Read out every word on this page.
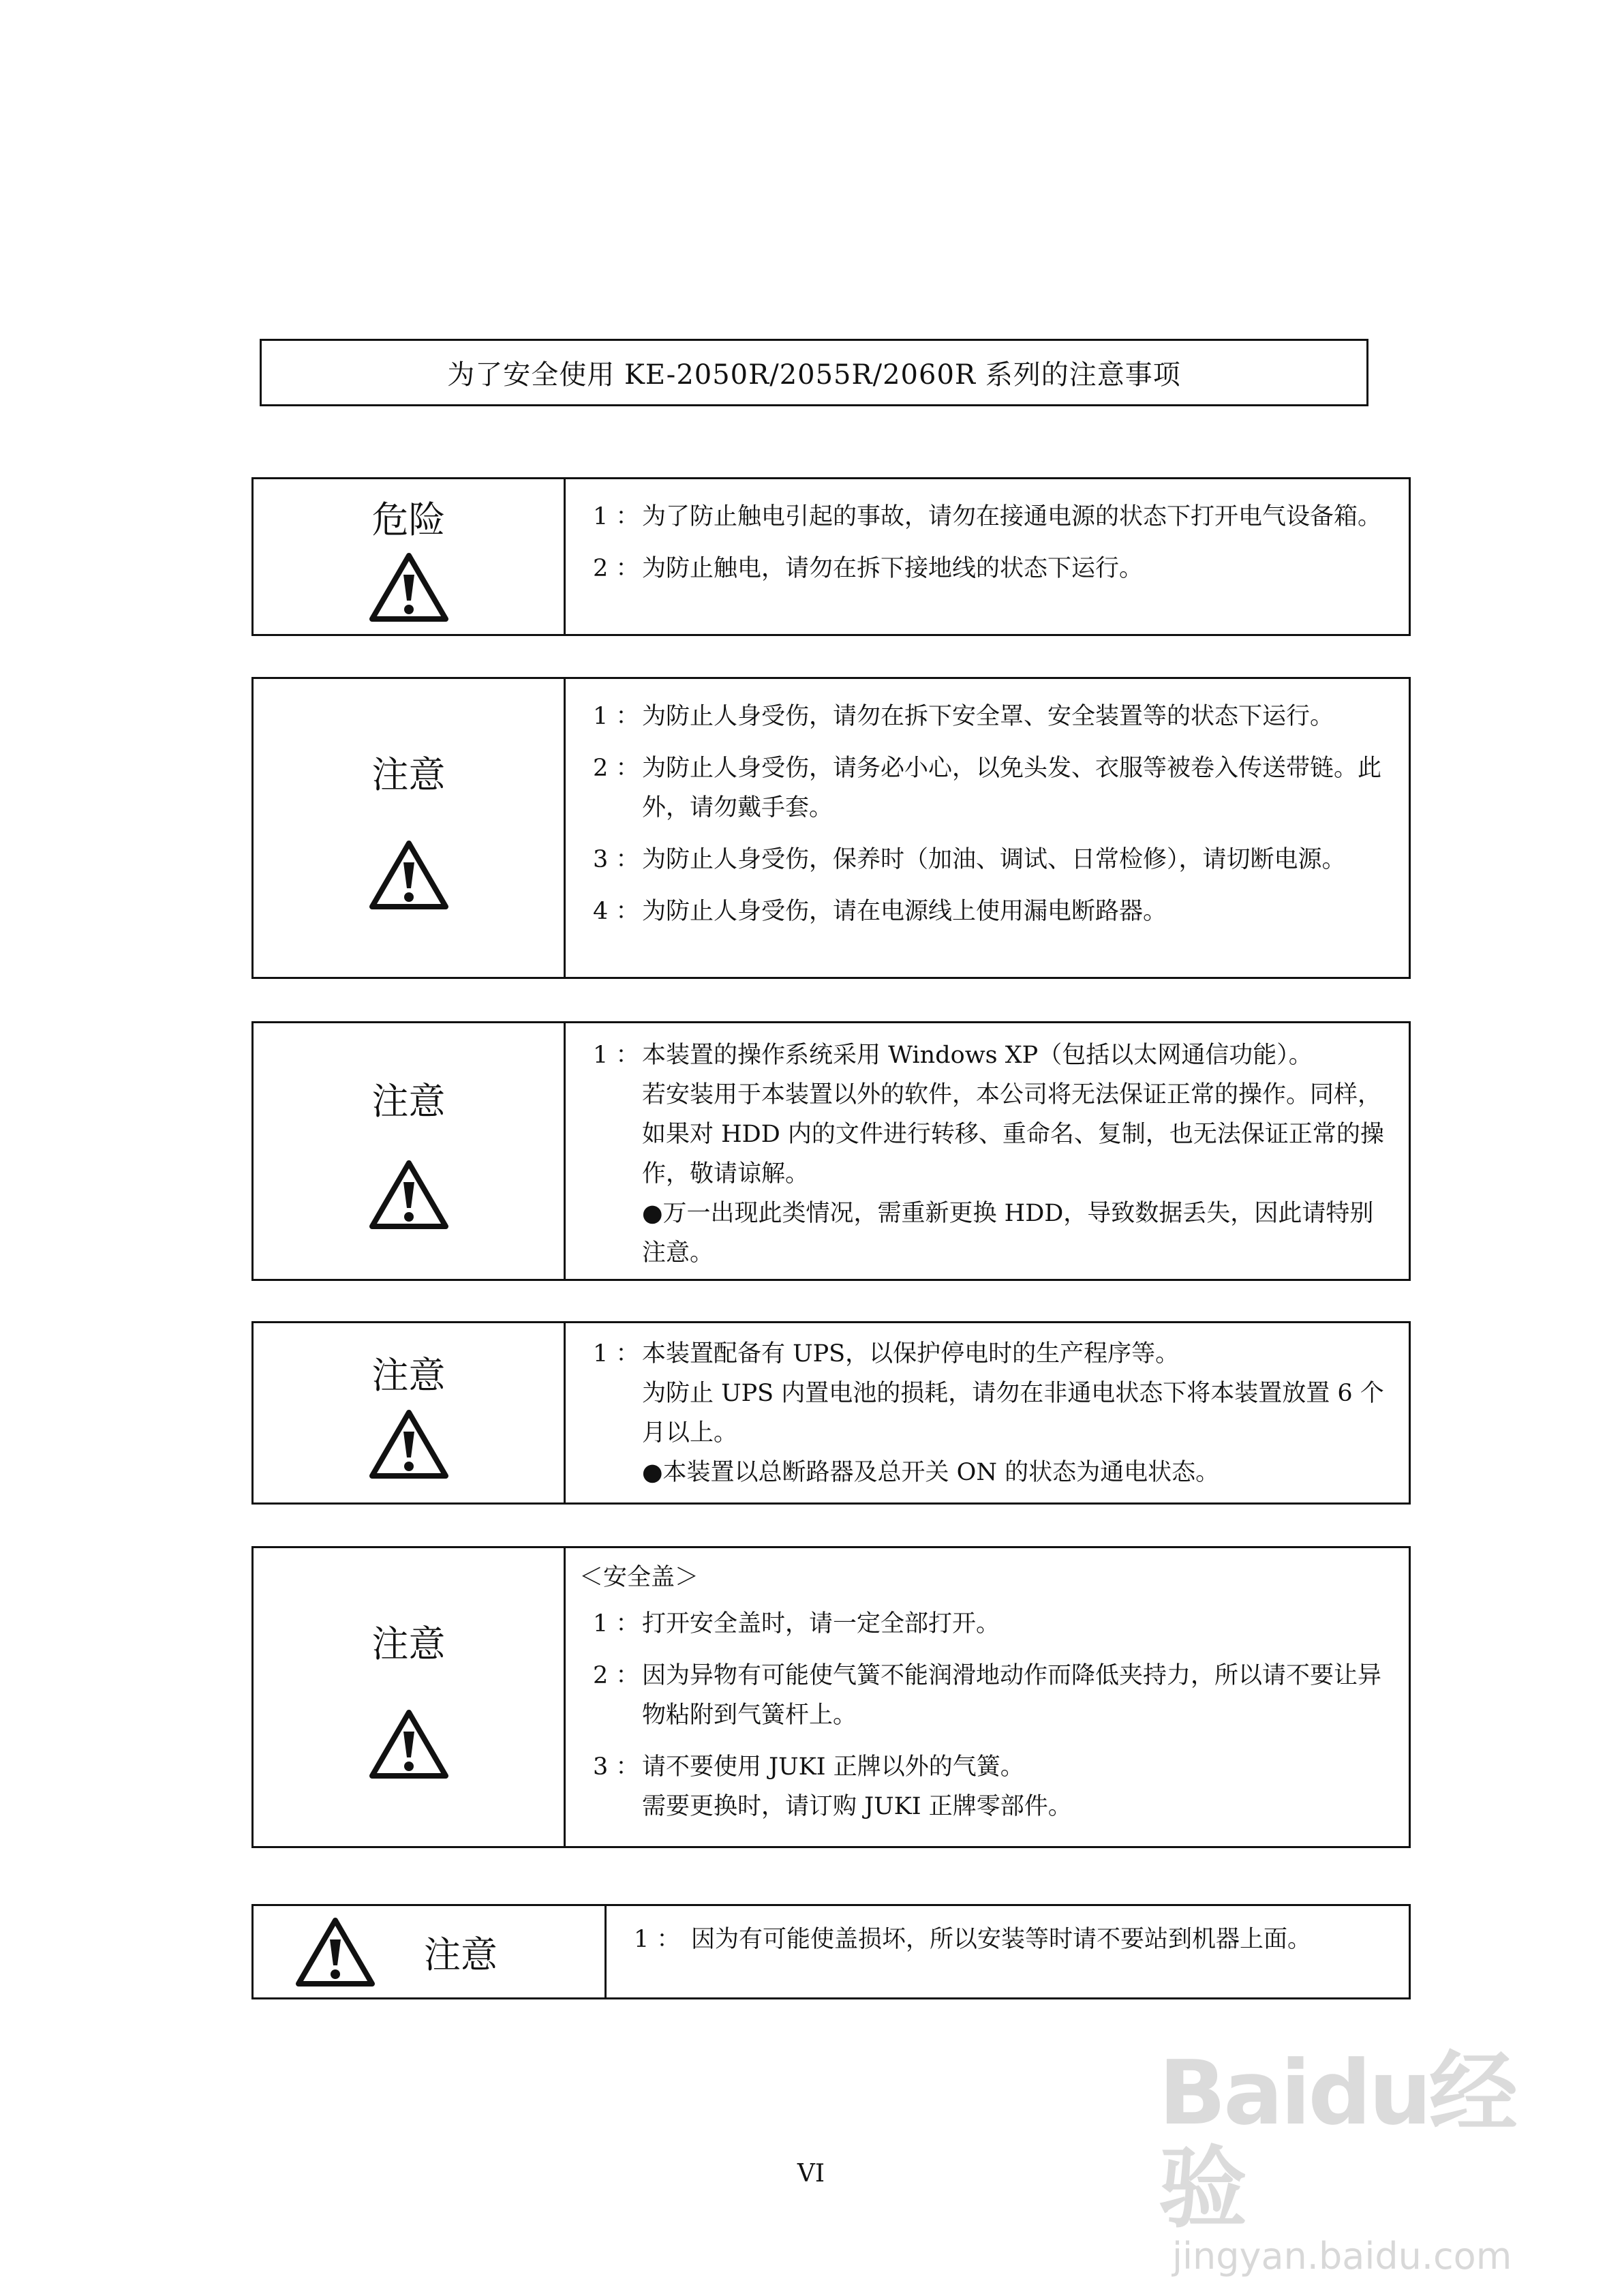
为了安全使用 KE-2050R/2055R/2060R 系列的注意事项
危险	1 ： 为了防止触电引起的事故，请勿在接通电源的状态下打开电气设备箱。
2 ： 为防止触电，请勿在拆下接地线的状态下运行。
注意
1 ： 为防止人身受伤，请勿在拆下安全罩、安全装置等的状态下运行。
2 ： 为防止人身受伤，请务必小心，以免头发、衣服等被卷入传送带链。此外，请勿戴手套。
3 ： 为防止人身受伤，保养时（加油、调试、日常检修），请切断电源。
4 ： 为防止人身受伤，请在电源线上使用漏电断路器。
注意
1 ： 本装置的操作系统采用 Windows XP（包括以太网通信功能）。
若安装用于本装置以外的软件，本公司将无法保证正常的操作。同样，如果对 HDD 内的文件进行转移、重命名、复制，也无法保证正常的操作，敬请谅解。
●万一出现此类情况，需重新更换 HDD，导致数据丢失，因此请特别注意。
注意	1 ： 本装置配备有 UPS，以保护停电时的生产程序等。
为防止 UPS 内置电池的损耗，请勿在非通电状态下将本装置放置 6 个月以上。
●本装置以总断路器及总开关 ON 的状态为通电状态。
注意
＜安全盖＞
1 ： 打开安全盖时，请一定全部打开。
2 ： 因为异物有可能使气簧不能润滑地动作而降低夹持力，所以请不要让异物粘附到气簧杆上。
3 ： 请不要使用 JUKI 正牌以外的气簧。
需要更换时，请订购 JUKI 正牌零部件。
注意	1 ： 因为有可能使盖损坏，所以安装等时请不要站到机器上面。
VI
Baidu经验
jingyan.baidu.com
